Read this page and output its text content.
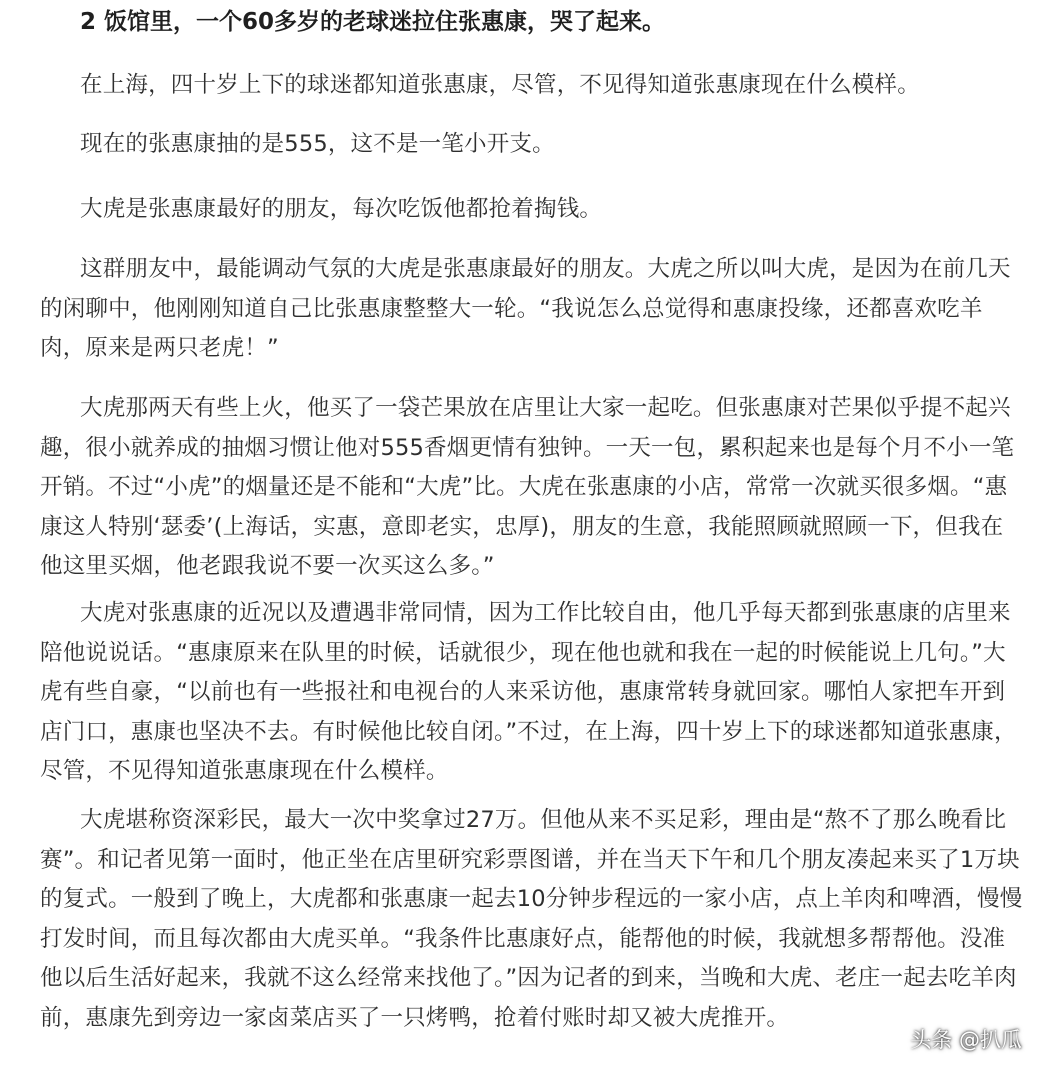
2 饭馆里，一个60多岁的老球迷拉住张惠康，哭了起来。

在上海，四十岁上下的球迷都知道张惠康，尽管，不见得知道张惠康现在什么模样。

现在的张惠康抽的是555，这不是一笔小开支。

大虎是张惠康最好的朋友，每次吃饭他都抢着掏钱。

这群朋友中，最能调动气氛的大虎是张惠康最好的朋友。大虎之所以叫大虎，是因为在前几天的闲聊中，他刚刚知道自己比张惠康整整大一轮。“我说怎么总觉得和惠康投缘，还都喜欢吃羊肉，原来是两只老虎！”

大虎那两天有些上火，他买了一袋芒果放在店里让大家一起吃。但张惠康对芒果似乎提不起兴趣，很小就养成的抽烟习惯让他对555香烟更情有独钟。一天一包，累积起来也是每个月不小一笔开销。不过“小虎”的烟量还是不能和“大虎”比。大虎在张惠康的小店，常常一次就买很多烟。“惠康这人特别‘瑟委’(上海话，实惠，意即老实，忠厚)，朋友的生意，我能照顾就照顾一下，但我在他这里买烟，他老跟我说不要一次买这么多。”

大虎对张惠康的近况以及遭遇非常同情，因为工作比较自由，他几乎每天都到张惠康的店里来陪他说说话。“惠康原来在队里的时候，话就很少，现在他也就和我在一起的时候能说上几句。”大虎有些自豪，“以前也有一些报社和电视台的人来采访他，惠康常转身就回家。哪怕人家把车开到店门口，惠康也坚决不去。有时候他比较自闭。”不过，在上海，四十岁上下的球迷都知道张惠康，尽管，不见得知道张惠康现在什么模样。

大虎堪称资深彩民，最大一次中奖拿过27万。但他从来不买足彩，理由是“熬不了那么晚看比赛”。和记者见第一面时，他正坐在店里研究彩票图谱，并在当天下午和几个朋友凑起来买了1万块的复式。一般到了晚上，大虎都和张惠康一起去10分钟步程远的一家小店，点上羊肉和啤酒，慢慢打发时间，而且每次都由大虎买单。“我条件比惠康好点，能帮他的时候，我就想多帮帮他。没准他以后生活好起来，我就不这么经常来找他了。”因为记者的到来，当晚和大虎、老庄一起去吃羊肉前，惠康先到旁边一家卤菜店买了一只烤鸭，抢着付账时却又被大虎推开。

头条 @扒瓜
